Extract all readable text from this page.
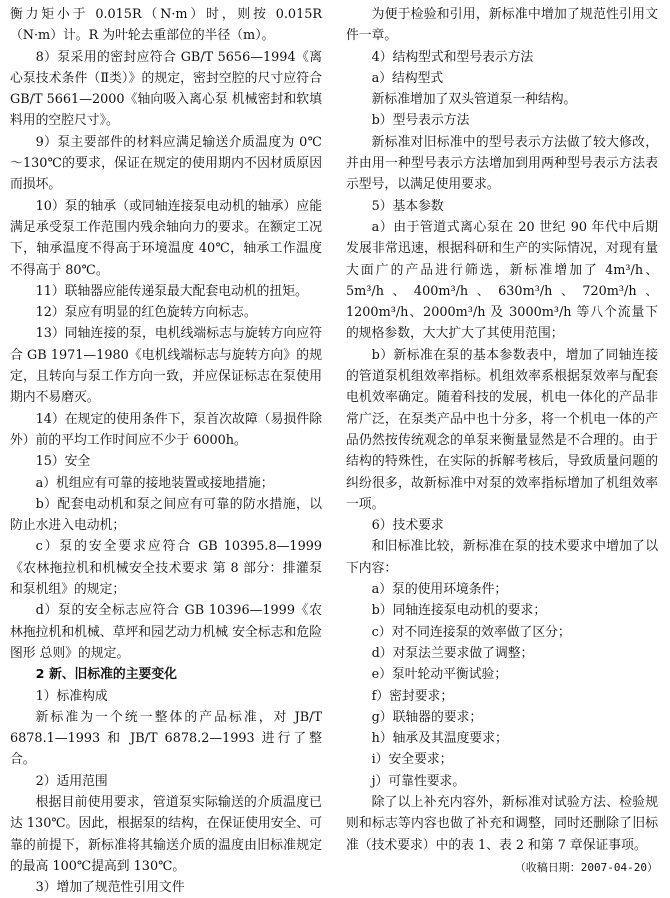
衡力矩小于 0.015R（N·m）时，则按 0.015R（N·m）计。R 为叶轮去重部位的半径（m）。

8）泵采用的密封应符合 GB/T 5656—1994《离心泵技术条件（Ⅱ类）》的规定，密封空腔的尺寸应符合 GB/T 5661—2000《轴向吸入离心泵 机械密封和软填料用的空腔尺寸》。

9）泵主要部件的材料应满足输送介质温度为 0℃～130℃的要求，保证在规定的使用期内不因材质原因而损坏。

10）泵的轴承（或同轴连接泵电动机的轴承）应能满足承受泵工作范围内残余轴向力的要求。在额定工况下，轴承温度不得高于环境温度 40℃，轴承工作温度不得高于 80℃。

11）联轴器应能传递泵最大配套电动机的扭矩。

12）泵应有明显的红色旋转方向标志。

13）同轴连接的泵，电机线端标志与旋转方向应符合 GB 1971—1980《电机线端标志与旋转方向》的规定，且转向与泵工作方向一致，并应保证标志在泵使用期内不易磨灭。

14）在规定的使用条件下，泵首次故障（易损件除外）前的平均工作时间应不少于 6000h。

15）安全

a）机组应有可靠的接地装置或接地措施；

b）配套电动机和泵之间应有可靠的防水措施，以防止水进入电动机；

c）泵的安全要求应符合 GB 10395.8—1999《农林拖拉机和机械安全技术要求 第 8 部分：排灌泵和泵机组》的规定；

d）泵的安全标志应符合 GB 10396—1999《农林拖拉机和机械、草坪和园艺动力机械 安全标志和危险图形 总则》的规定。

2 新、旧标准的主要变化

1）标准构成

新标准为一个统一整体的产品标准，对 JB/T 6878.1—1993 和 JB/T 6878.2—1993 进行了整合。

2）适用范围

根据目前使用要求，管道泵实际输送的介质温度已达 130℃。因此，根据泵的结构，在保证使用安全、可靠的前提下，新标准将其输送介质的温度由旧标准规定的最高 100℃提高到 130℃。

3）增加了规范性引用文件

为便于检验和引用，新标准中增加了规范性引用文件一章。

4）结构型式和型号表示方法

a）结构型式

新标准增加了双头管道泵一种结构。

b）型号表示方法

新标准对旧标准中的型号表示方法做了较大修改，并由用一种型号表示方法增加到用两种型号表示方法表示型号，以满足使用要求。

5）基本参数

a）由于管道式离心泵在 20 世纪 90 年代中后期发展非常迅速，根据科研和生产的实际情况，对现有量大面广的产品进行筛选，新标准增加了 4m³/h、5m³/h、400m³/h、630m³/h、720m³/h、1200m³/h、2000m³/h 及 3000m³/h 等八个流量下的规格参数，大大扩大了其使用范围；

b）新标准在泵的基本参数表中，增加了同轴连接的管道泵机组效率指标。机组效率系根据泵效率与配套电机效率确定。随着科技的发展，机电一体化的产品非常广泛，在泵类产品中也十分多，将一个机电一体的产品仍然按传统观念的单泵来衡量显然是不合理的。由于结构的特殊性，在实际的拆解考核后，导致质量问题的纠纷很多，故新标准中对泵的效率指标增加了机组效率一项。

6）技术要求

和旧标准比较，新标准在泵的技术要求中增加了以下内容：

a）泵的使用环境条件；

b）同轴连接泵电动机的要求；

c）对不同连接泵的效率做了区分；

d）对泵法兰要求做了调整；

e）泵叶轮动平衡试验；

f）密封要求；

g）联轴器的要求；

h）轴承及其温度要求；

i）安全要求；

j）可靠性要求。

除了以上补充内容外，新标准对试验方法、检验规则和标志等内容也做了补充和调整，同时还删除了旧标准（技术要求）中的表 1、表 2 和第 7 章保证事项。

（收稿日期：2007-04-20）
